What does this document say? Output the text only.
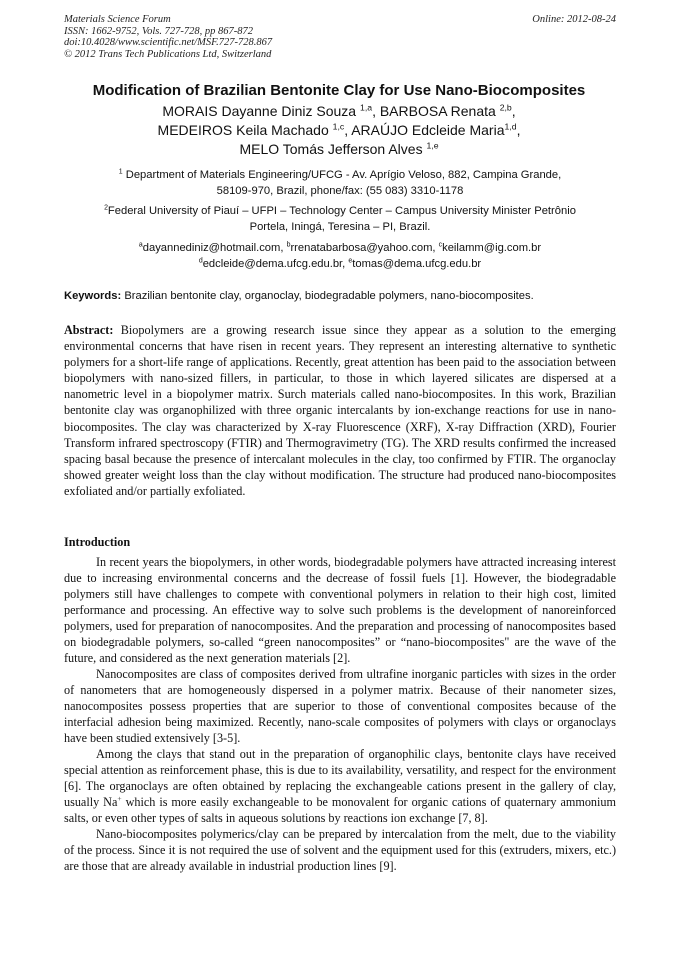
Materials Science Forum
ISSN: 1662-9752, Vols. 727-728, pp 867-872
doi:10.4028/www.scientific.net/MSF.727-728.867
© 2012 Trans Tech Publications Ltd, Switzerland
Online: 2012-08-24
Modification of Brazilian Bentonite Clay for Use Nano-Biocomposites
MORAIS Dayanne Diniz Souza $^{1,a}$, BARBOSA Renata $^{2,b}$,
MEDEIROS Keila Machado $^{1,c}$, ARAÚJO Edcleide Maria$^{1,d}$,
MELO Tomás Jefferson Alves $^{1,e}$
$^1$ Department of Materials Engineering/UFCG - Av. Aprígio Veloso, 882, Campina Grande,
58109-970, Brazil, phone/fax: (55 083) 3310-1178
$^2$Federal University of Piauí – UFPI – Technology Center – Campus University Minister Petrônio
Portela, Iningá, Teresina – PI, Brazil.
$^a$dayannediniz@hotmail.com, $^b$rrenatabarbosa@yahoo.com, $^c$keilamm@ig.com.br
$^d$edcleide@dema.ufcg.edu.br, $^e$tomas@dema.ufcg.edu.br
Keywords: Brazilian bentonite clay, organoclay, biodegradable polymers, nano-biocomposites.
Abstract: Biopolymers are a growing research issue since they appear as a solution to the emerging environmental concerns that have risen in recent years. They represent an interesting alternative to synthetic polymers for a short-life range of applications. Recently, great attention has been paid to the association between biopolymers with nano-sized fillers, in particular, to those in which layered silicates are dispersed at a nanometric level in a biopolymer matrix. Surch materials called nano-biocomposites. In this work, Brazilian bentonite clay was organophilized with three organic intercalants by ion-exchange reactions for use in nano-biocomposites. The clay was characterized by X-ray Fluorescence (XRF), X-ray Diffraction (XRD), Fourier Transform infrared spectroscopy (FTIR) and Thermogravimetry (TG). The XRD results confirmed the increased spacing basal because the presence of intercalant molecules in the clay, too confirmed by FTIR. The organoclay showed greater weight loss than the clay without modification. The structure had produced nano-biocomposites exfoliated and/or partially exfoliated.
Introduction

In recent years the biopolymers, in other words, biodegradable polymers have attracted increasing interest due to increasing environmental concerns and the decrease of fossil fuels [1]. However, the biodegradable polymers still have challenges to compete with conventional polymers in relation to their high cost, limited performance and processing. An effective way to solve such problems is the development of nanoreinforced polymers, used for preparation of nanocomposites. And the preparation and processing of nanocomposites based on biodegradable polymers, so-called “green nanocomposites” or “nano-biocomposites" are the wave of the future, and considered as the next generation materials [2].

Nanocomposites are class of composites derived from ultrafine inorganic particles with sizes in the order of nanometers that are homogeneously dispersed in a polymer matrix. Because of their nanometer sizes, nanocomposites possess properties that are superior to those of conventional composites because of the interfacial adhesion being maximized. Recently, nano-scale composites of polymers with clays or organoclays have been studied extensively [3-5].

Among the clays that stand out in the preparation of organophilic clays, bentonite clays have received special attention as reinforcement phase, this is due to its availability, versatility, and respect for the environment [6]. The organoclays are often obtained by replacing the exchangeable cations present in the gallery of clay, usually Na+ which is more easily exchangeable to be monovalent for organic cations of quaternary ammonium salts, or even other types of salts in aqueous solutions by reactions ion exchange [7, 8].

Nano-biocomposites polymerics/clay can be prepared by intercalation from the melt, due to the viability of the process. Since it is not required the use of solvent and the equipment used for this (extruders, mixers, etc.) are those that are already available in industrial production lines [9].
